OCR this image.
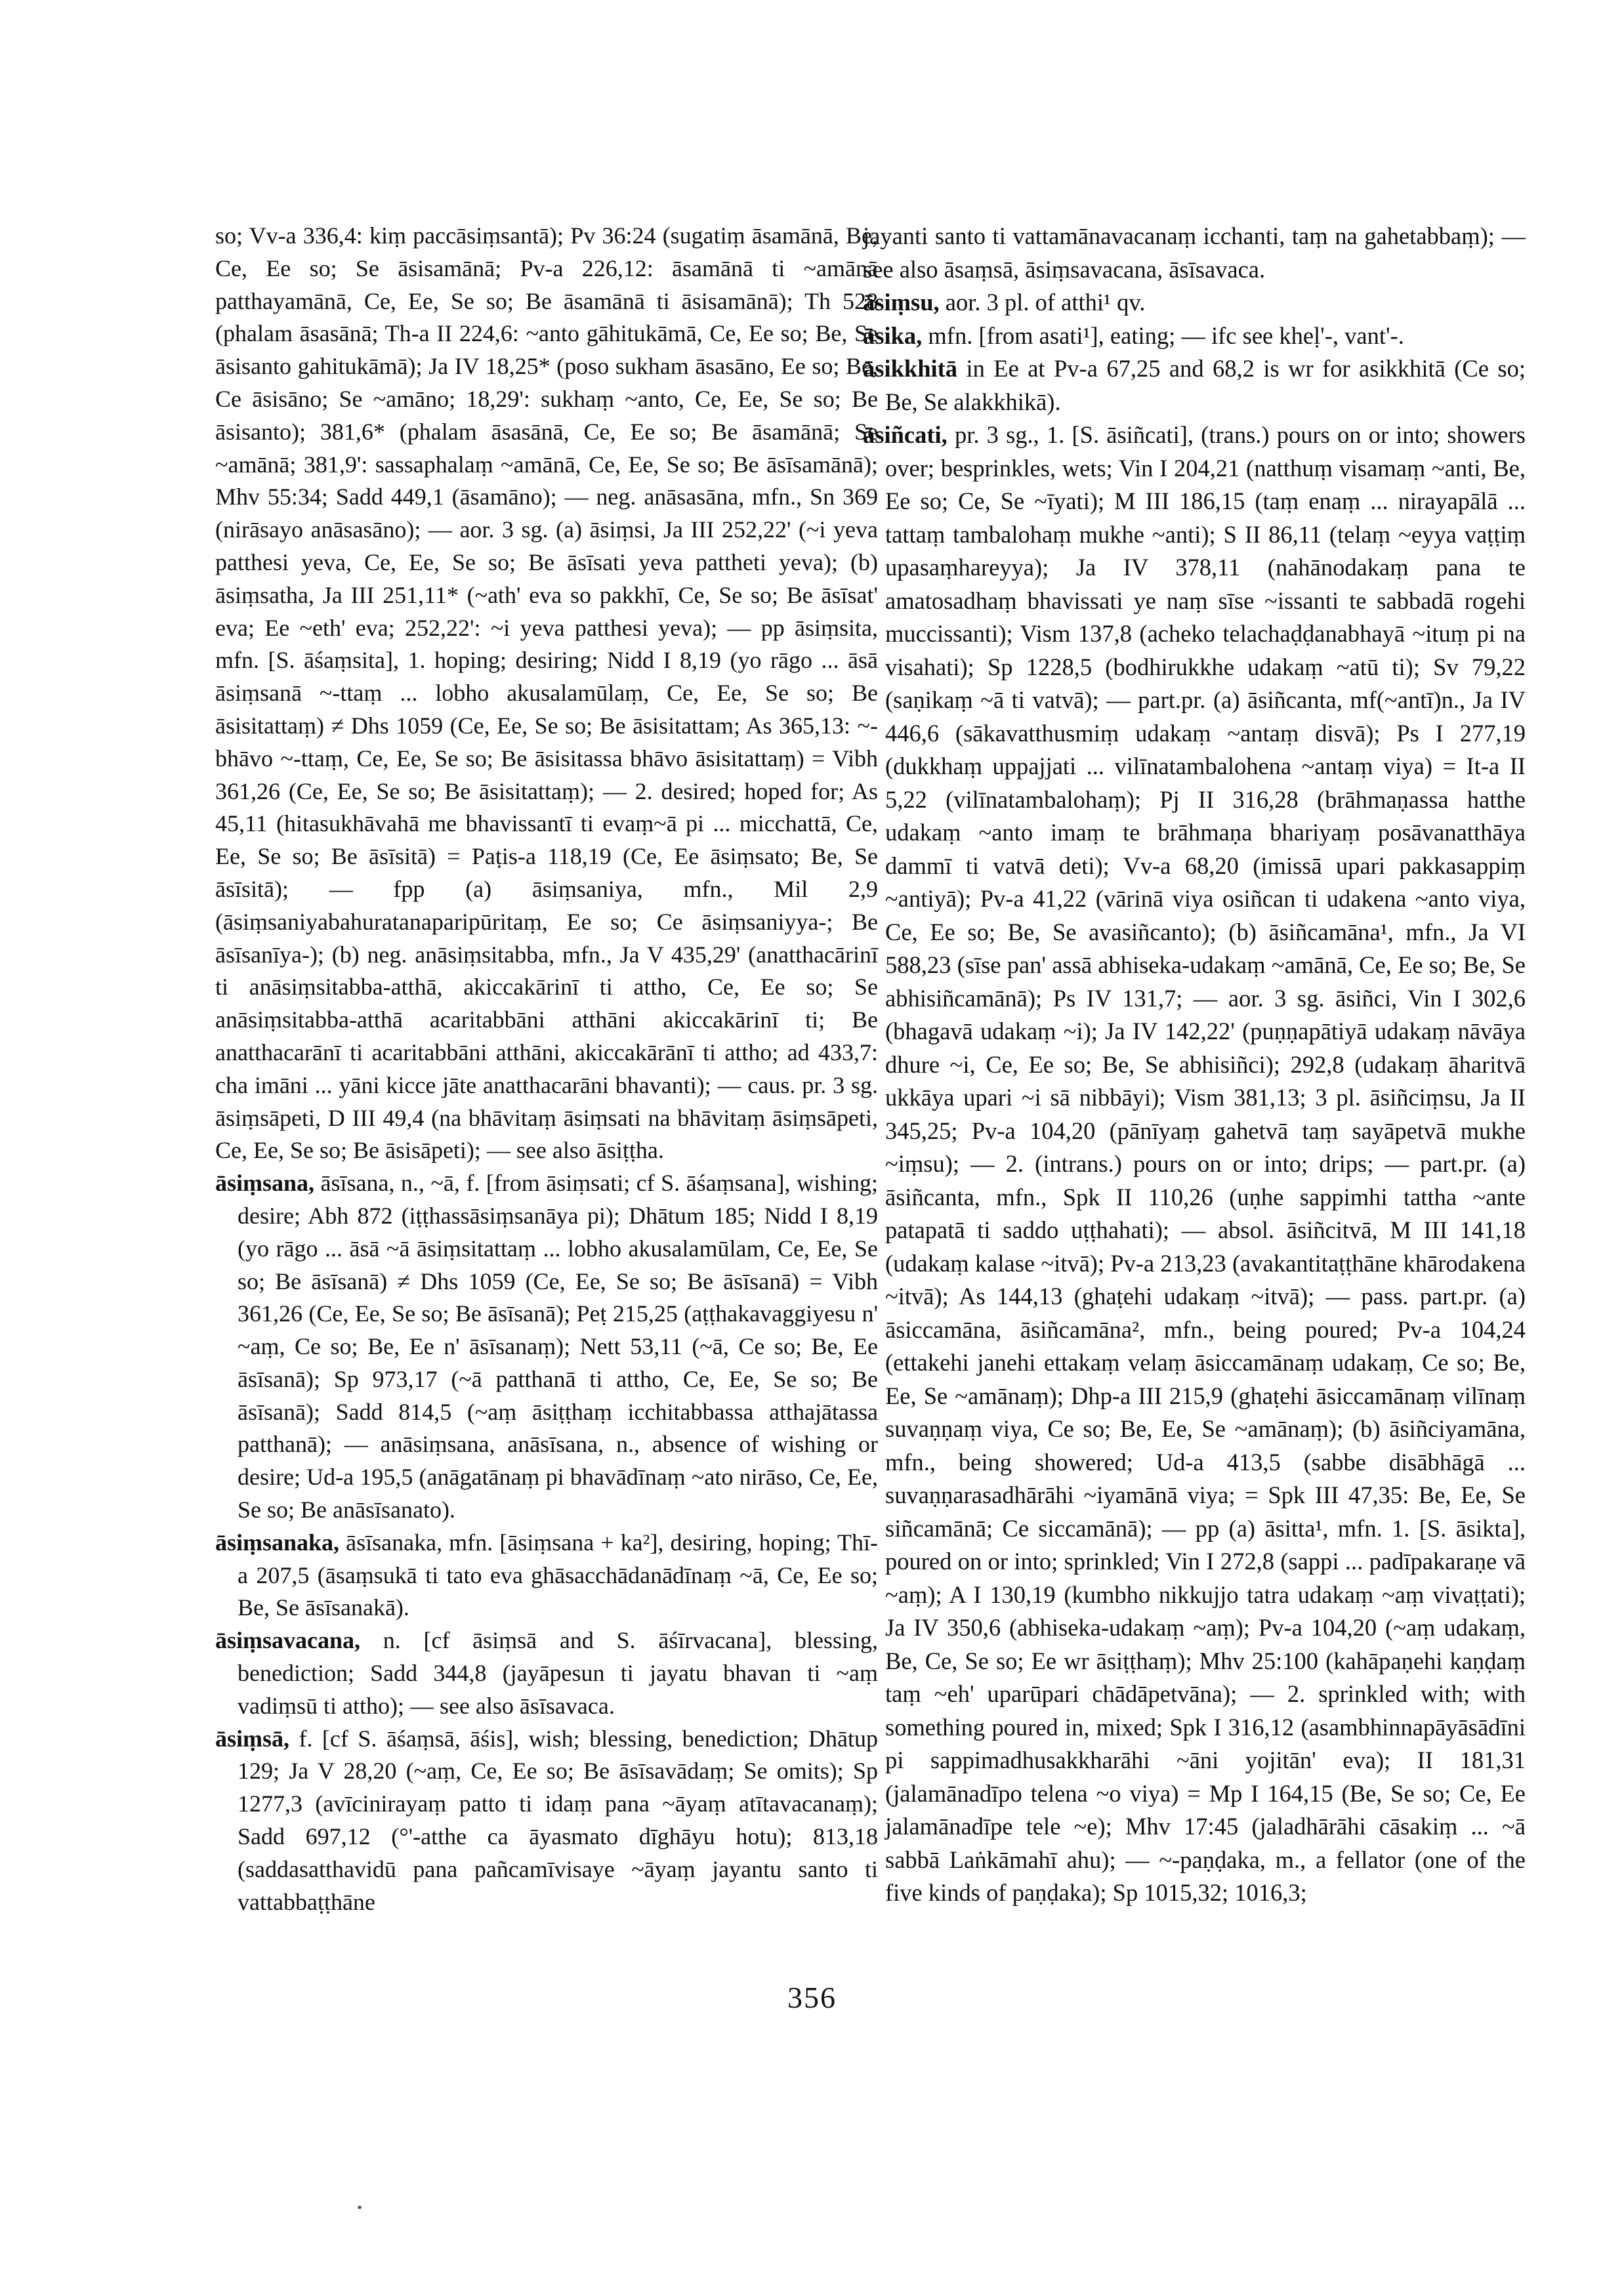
so; Vv-a 336,4: kiṃ paccāsiṃsantā); Pv 36:24 (sugatiṃ āsamānā, Be, Ce, Ee so; Se āsisamānā; Pv-a 226,12: āsamānā ti ~amānā patthayamānā, Ce, Ee, Se so; Be āsamānā ti āsisamānā); Th 528 (phalam āsasānā; Th-a II 224,6: ~anto gāhitukāmā, Ce, Ee so; Be, Se āsisanto gahitukāmā); Ja IV 18,25* (poso sukham āsasāno, Ee so; Be, Ce āsisāno; Se ~amāno; 18,29': sukhaṃ ~anto, Ce, Ee, Se so; Be āsisanto); 381,6* (phalam āsasānā, Ce, Ee so; Be āsamānā; Se ~amānā; 381,9': sassaphalaṃ ~amānā, Ce, Ee, Se so; Be āsīsamānā); Mhv 55:34; Sadd 449,1 (āsamāno); — neg. anāsasāna, mfn., Sn 369 (nirāsayo anāsasāno); — aor. 3 sg. (a) āsiṃsi, Ja III 252,22' (~i yeva patthesi yeva, Ce, Ee, Se so; Be āsīsati yeva pattheti yeva); (b) āsiṃsatha, Ja III 251,11* (~ath' eva so pakkhī, Ce, Se so; Be āsīsat' eva; Ee ~eth' eva; 252,22': ~i yeva patthesi yeva); — pp āsiṃsita, mfn. [S. āśaṃsita], 1. hoping; desiring; Nidd I 8,19 (yo rāgo ... āsā āsiṃsanā ~-ttaṃ ... lobho akusalamūlaṃ, Ce, Ee, Se so; Be āsisitattaṃ) ≠ Dhs 1059 (Ce, Ee, Se so; Be āsisitattam; As 365,13: ~-bhāvo ~-ttaṃ, Ce, Ee, Se so; Be āsisitassa bhāvo āsisitattaṃ) = Vibh 361,26 (Ce, Ee, Se so; Be āsisitattaṃ); — 2. desired; hoped for; As 45,11 (hitasukhāvahā me bhavissantī ti evaṃ~ā pi ... micchattā, Ce, Ee, Se so; Be āsīsitā) = Paṭis-a 118,19 (Ce, Ee āsiṃsato; Be, Se āsīsitā); — fpp (a) āsiṃsaniya, mfn., Mil 2,9 (āsiṃsaniyabahuratanaparipūritaṃ, Ee so; Ce āsiṃsaniyya-; Be āsīsanīya-); (b) neg. anāsiṃsitabba, mfn., Ja V 435,29' (anatthacārinī ti anāsiṃsitabba-atthā, akiccakārinī ti attho, Ce, Ee so; Se anāsiṃsitabba-atthā acaritabbāni atthāni akiccakārinī ti; Be anatthacarānī ti acaritabbāni atthāni, akiccakārānī ti attho; ad 433,7: cha imāni ... yāni kicce jāte anatthacarāni bhavanti); — caus. pr. 3 sg. āsiṃsāpeti, D III 49,4 (na bhāvitaṃ āsiṃsati na bhāvitaṃ āsiṃsāpeti, Ce, Ee, Se so; Be āsisāpeti); — see also āsiṭṭha.

āsiṃsana, āsīsana, n., ~ā, f. [from āsiṃsati; cf S. āśaṃsana], wishing; desire; Abh 872 (iṭṭhassāsiṃsanāya pi); Dhātum 185; Nidd I 8,19 (yo rāgo ... āsā ~ā āsiṃsitattaṃ ... lobho akusalamūlam, Ce, Ee, Se so; Be āsīsanā) ≠ Dhs 1059 (Ce, Ee, Se so; Be āsīsanā) = Vibh 361,26 (Ce, Ee, Se so; Be āsīsanā); Peṭ 215,25 (aṭṭhakavaggiyesu n' ~aṃ, Ce so; Be, Ee n' āsīsanaṃ); Nett 53,11 (~ā, Ce so; Be, Ee āsīsanā); Sp 973,17 (~ā patthanā ti attho, Ce, Ee, Se so; Be āsīsanā); Sadd 814,5 (~aṃ āsiṭṭhaṃ icchitabbassa atthajātassa patthanā); — anāsiṃsana, anāsīsana, n., absence of wishing or desire; Ud-a 195,5 (anāgatānaṃ pi bhavādīnaṃ ~ato nirāso, Ce, Ee, Se so; Be anāsīsanato).

āsiṃsanaka, āsīsanaka, mfn. [āsiṃsana + ka²], desiring, hoping; Thī-a 207,5 (āsaṃsukā ti tato eva ghāsacchādanādīnaṃ ~ā, Ce, Ee so; Be, Se āsīsanakā).

āsiṃsavacana, n. [cf āsiṃsā and S. āśīrvacana], blessing, benediction; Sadd 344,8 (jayāpesun ti jayatu bhavan ti ~aṃ vadiṃsū ti attho); — see also āsīsavaca.

āsiṃsā, f. [cf S. āśaṃsā, āśis], wish; blessing, benediction; Dhātup 129; Ja V 28,20 (~aṃ, Ce, Ee so; Be āsīsavādaṃ; Se omits); Sp 1277,3 (avīcinirayaṃ patto ti idaṃ pana ~āyaṃ atītavacanaṃ); Sadd 697,12 (°'-atthe ca āyasmato dīghāyu hotu); 813,18 (saddasatthavidū pana pañcamīvisaye ~āyaṃ jayantu santo ti vattabbaṭṭhāne

jayanti santo ti vattamānavacanaṃ icchanti, taṃ na gahetabbaṃ); — see also āsaṃsā, āsiṃsavacana, āsīsavaca.

āsiṃsu, aor. 3 pl. of atthi¹ qv.

āsika, mfn. [from asati¹], eating; — ifc see kheḷ'-, vant'-.

āsikkhitā in Ee at Pv-a 67,25 and 68,2 is wr for asikkhitā (Ce so; Be, Se alakkhikā).

āsiñcati, pr. 3 sg., 1. [S. āsiñcati], (trans.) pours on or into; showers over; besprinkles, wets; Vin I 204,21 (natthuṃ visamaṃ ~anti, Be, Ee so; Ce, Se ~īyati); M III 186,15 (taṃ enaṃ ... nirayapālā ... tattaṃ tambalohaṃ mukhe ~anti); S II 86,11 (telaṃ ~eyya vaṭṭiṃ upasaṃhareyya); Ja IV 378,11 (nahānodakaṃ pana te amatosadhaṃ bhavissati ye naṃ sīse ~issanti te sabbadā rogehi muccissanti); Vism 137,8 (acheko telachaḍḍanabhayā ~ituṃ pi na visahati); Sp 1228,5 (bodhirukkhe udakaṃ ~atū ti); Sv 79,22 (saṇikaṃ ~ā ti vatvā); — part.pr. (a) āsiñcanta, mf(~antī)n., Ja IV 446,6 (sākavatthusmiṃ udakaṃ ~antaṃ disvā); Ps I 277,19 (dukkhaṃ uppajjati ... vilīnatambalohena ~antaṃ viya) = It-a II 5,22 (vilīnatambalohaṃ); Pj II 316,28 (brāhmaṇassa hatthe udakaṃ ~anto imaṃ te brāhmaṇa bhariyaṃ posāvanatthāya dammī ti vatvā deti); Vv-a 68,20 (imissā upari pakkasappiṃ ~antiyā); Pv-a 41,22 (vārinā viya osiñcan ti udakena ~anto viya, Ce, Ee so; Be, Se avasiñcanto); (b) āsiñcamāna¹, mfn., Ja VI 588,23 (sīse pan' assā abhiseka-udakaṃ ~amānā, Ce, Ee so; Be, Se abhisiñcamānā); Ps IV 131,7; — aor. 3 sg. āsiñci, Vin I 302,6 (bhagavā udakaṃ ~i); Ja IV 142,22' (puṇṇapātiyā udakaṃ nāvāya dhure ~i, Ce, Ee so; Be, Se abhisiñci); 292,8 (udakaṃ āharitvā ukkāya upari ~i sā nibbāyi); Vism 381,13; 3 pl. āsiñciṃsu, Ja II 345,25; Pv-a 104,20 (pānīyaṃ gahetvā taṃ sayāpetvā mukhe ~iṃsu); — 2. (intrans.) pours on or into; drips; — part.pr. (a) āsiñcanta, mfn., Spk II 110,26 (uṇhe sappimhi tattha ~ante patapatā ti saddo uṭṭhahati); — absol. āsiñcitvā, M III 141,18 (udakaṃ kalase ~itvā); Pv-a 213,23 (avakantitaṭṭhāne khārodakena ~itvā); As 144,13 (ghaṭehi udakaṃ ~itvā); — pass. part.pr. (a) āsiccamāna, āsiñcamāna², mfn., being poured; Pv-a 104,24 (ettakehi janehi ettakaṃ velaṃ āsiccamānaṃ udakaṃ, Ce so; Be, Ee, Se ~amānaṃ); Dhp-a III 215,9 (ghaṭehi āsiccamānaṃ vilīnaṃ suvaṇṇaṃ viya, Ce so; Be, Ee, Se ~amānaṃ); (b) āsiñciyamāna, mfn., being showered; Ud-a 413,5 (sabbe disābhāgā ... suvaṇṇarasadhārāhi ~iyamānā viya; = Spk III 47,35: Be, Ee, Se siñcamānā; Ce siccamānā); — pp (a) āsitta¹, mfn. 1. [S. āsikta], poured on or into; sprinkled; Vin I 272,8 (sappi ... padīpakaraṇe vā ~aṃ); A I 130,19 (kumbho nikkujjo tatra udakaṃ ~aṃ vivaṭṭati); Ja IV 350,6 (abhiseka-udakaṃ ~aṃ); Pv-a 104,20 (~aṃ udakaṃ, Be, Ce, Se so; Ee wr āsiṭṭhaṃ); Mhv 25:100 (kahāpaṇehi kaṇḍaṃ taṃ ~eh' uparūpari chādāpetvāna); — 2. sprinkled with; with something poured in, mixed; Spk I 316,12 (asambhinnapāyāsādīni pi sappimadhusakkharāhi ~āni yojitān' eva); II 181,31 (jalamānadīpo telena ~o viya) = Mp I 164,15 (Be, Se so; Ce, Ee jalamānadīpe tele ~e); Mhv 17:45 (jaladhārāhi cāsakiṃ ... ~ā sabbā Laṅkāmahī ahu); — ~-paṇḍaka, m., a fellator (one of the five kinds of paṇḍaka); Sp 1015,32; 1016,3;

356
